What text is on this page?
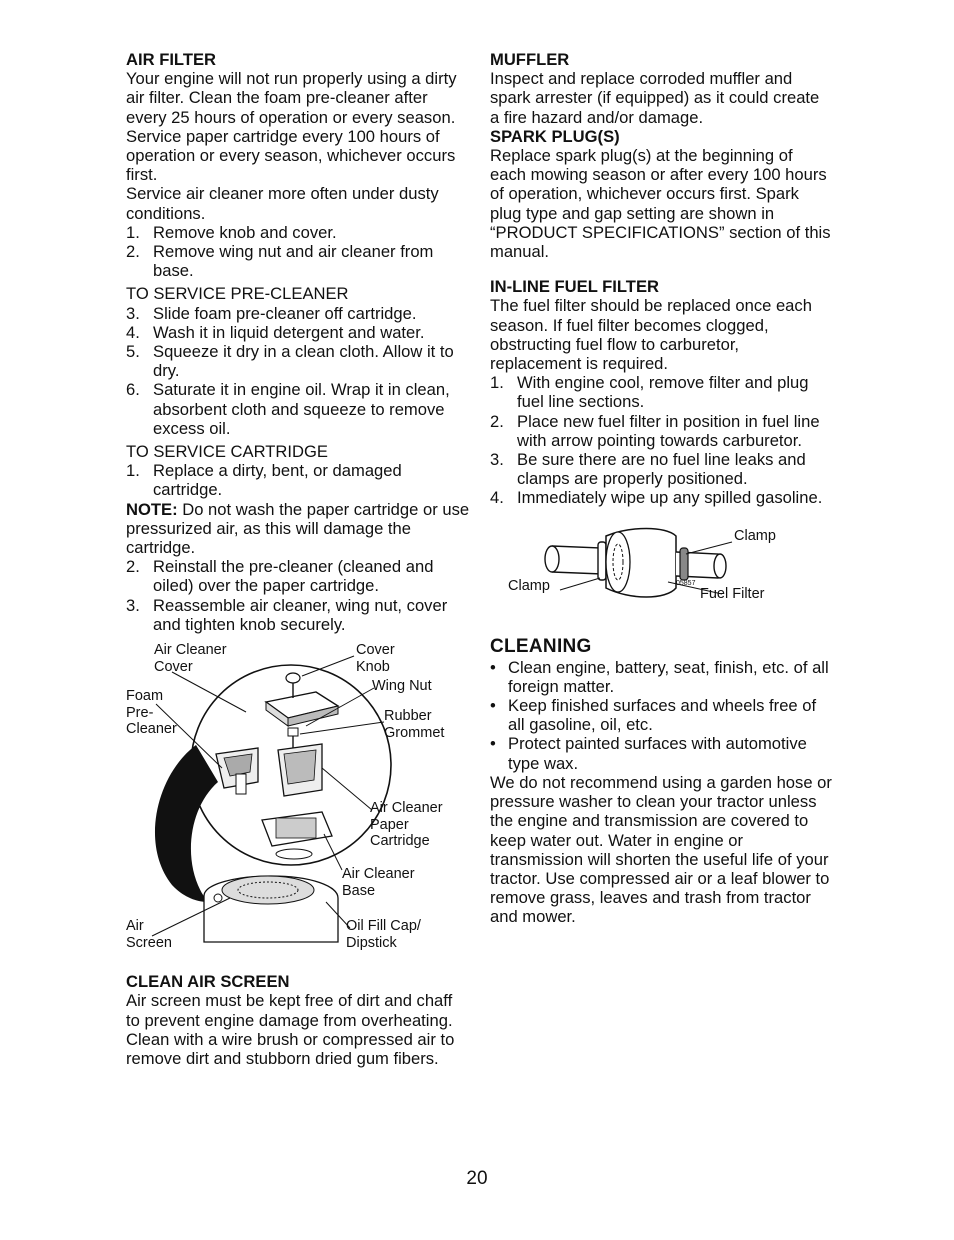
AIR FILTER

Your engine will not run properly using a dirty air filter. Clean the foam pre-cleaner after every 25 hours of operation or every season. Service paper cartridge every 100 hours of operation or every season, whichever occurs first.

Service air cleaner more often under dusty conditions.

1. Remove knob and cover.
2. Remove wing nut and air cleaner from base.

TO SERVICE PRE-CLEANER

3. Slide foam pre-cleaner off cartridge.
4. Wash it in liquid detergent and water.
5. Squeeze it dry in a clean cloth. Allow it to dry.
6. Saturate it in engine oil. Wrap it in clean, absorbent cloth and squeeze to remove excess oil.

TO SERVICE CARTRIDGE

1. Replace a dirty, bent, or damaged cartridge.

NOTE: Do not wash the paper cartridge or use pressurized air, as this will damage the cartridge.

2. Reinstall the pre-cleaner (cleaned and oiled) over the paper cartridge.
3. Reassemble air cleaner, wing nut, cover and tighten knob securely.
Air Cleaner
Cover
Cover
Knob
Wing Nut
Foam
Pre-
Cleaner
Rubber
Grommet
Air Cleaner
Paper
Cartridge
Air Cleaner
Base
Air
Screen
Oil Fill Cap/
Dipstick
CLEAN AIR SCREEN

Air screen must be kept free of dirt and chaff to prevent engine damage from overheating. Clean with a wire brush or compressed air to remove dirt and stubborn dried gum fibers.

MUFFLER

Inspect and replace corroded muffler and spark arrester (if equipped) as it could create a fire hazard and/or damage.

SPARK PLUG(S)

Replace spark plug(s) at the beginning of each mowing season or after every 100 hours of operation, whichever occurs first. Spark plug type and gap setting are shown in “PRODUCT SPECIFICATIONS” section of this manual.

IN-LINE FUEL FILTER

The fuel filter should be replaced once each season. If fuel filter becomes clogged, obstructing fuel flow to carburetor, replacement is required.

1. With engine cool, remove filter and plug fuel line sections.
2. Place new fuel filter in position in fuel line with arrow pointing towards carburetor.
3. Be sure there are no fuel line leaks and clamps are properly positioned.
4. Immediately wipe up any spilled gasoline.
Clamp
Clamp	Fuel Filter
05857
CLEANING
• Clean engine, battery, seat, finish, etc. of all foreign matter.
• Keep finished surfaces and wheels free of all gasoline, oil, etc.
• Protect painted surfaces with automotive type wax.

We do not recommend using a garden hose or pressure washer to clean your tractor unless the engine and transmission are covered to keep water out. Water in engine or transmission will shorten the useful life of your tractor. Use compressed air or a leaf blower to remove grass, leaves and trash from tractor and mower.

20
